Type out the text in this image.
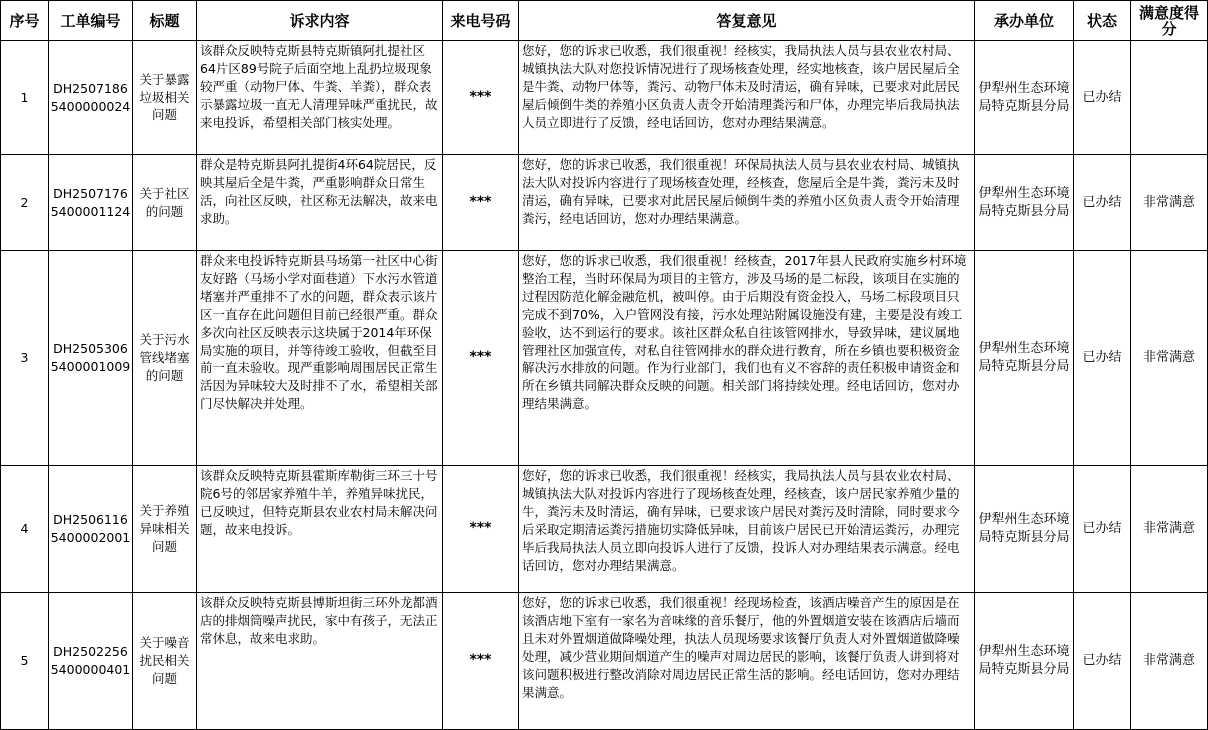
序号	工单编号	标题	诉求内容	来电号码	答复意见	承办单位	状态	满意度得分
1	DH25071865400000024	关于暴露垃圾相关问题	该群众反映特克斯县特克斯镇阿扎提社区64片区89号院子后面空地上乱扔垃圾现象较严重（动物尸体、牛粪、羊粪），群众表示暴露垃圾一直无人清理异味严重扰民，故来电投诉，希望相关部门核实处理。	***	您好，您的诉求已收悉，我们很重视！经核实，我局执法人员与县农业农村局、城镇执法大队对您投诉情况进行了现场核查处理，经实地核查，该户居民屋后全是牛粪、动物尸体等，粪污、动物尸体未及时清运，确有异味，已要求对此居民屋后倾倒牛类的养殖小区负责人责令开始清理粪污和尸体，办理完毕后我局执法人员立即进行了反馈，经电话回访，您对办理结果满意。	伊犁州生态环境局特克斯县分局	已办结	
2	DH25071765400001124	关于社区的问题	群众是特克斯县阿扎提街4环64院居民，反映其屋后全是牛粪，严重影响群众日常生活，向社区反映，社区称无法解决，故来电求助。	***	您好，您的诉求已收悉，我们很重视！环保局执法人员与县农业农村局、城镇执法大队对投诉内容进行了现场核查处理，经核查，您屋后全是牛粪，粪污未及时清运，确有异味，已要求对此居民屋后倾倒牛类的养殖小区负责人责令开始清理粪污，经电话回访，您对办理结果满意。	伊犁州生态环境局特克斯县分局	已办结	非常满意
3	DH25053065400001009	关于污水管线堵塞的问题	群众来电投诉特克斯县马场第一社区中心街友好路（马场小学对面巷道）下水污水管道堵塞并严重排不了水的问题，群众表示该片区一直存在此问题但目前已经很严重。群众多次向社区反映表示这块属于2014年环保局实施的项目，并等待竣工验收，但截至目前一直未验收。现严重影响周围居民正常生活因为异味较大及时排不了水，希望相关部门尽快解决并处理。	***	您好，您的诉求已收悉，我们很重视！经核查，2017年县人民政府实施乡村环境整治工程，当时环保局为项目的主管方，涉及马场的是二标段，该项目在实施的过程因防范化解金融危机，被叫停。由于后期没有资金投入，马场二标段项目只完成不到70%，入户管网没有接，污水处理站附属设施没有建，主要是没有竣工验收，达不到运行的要求。该社区群众私自往该管网排水，导致异味，建议属地管理社区加强宣传，对私自往管网排水的群众进行教育，所在乡镇也要积极资金解决污水排放的问题。作为行业部门，我们也有义不容辞的责任积极申请资金和所在乡镇共同解决群众反映的问题。相关部门将持续处理。经电话回访，您对办理结果满意。	伊犁州生态环境局特克斯县分局	已办结	非常满意
4	DH25061165400002001	关于养殖异味相关问题	该群众反映特克斯县霍斯库勒街三环三十号院6号的邻居家养殖牛羊，养殖异味扰民，已反映过，但特克斯县农业农村局未解决问题，故来电投诉。	***	您好，您的诉求已收悉，我们很重视！经核实，我局执法人员与县农业农村局、城镇执法大队对投诉内容进行了现场核查处理，经核查，该户居民家养殖少量的牛，粪污未及时清运，确有异味，已要求该户居民对粪污及时清除，同时要求今后采取定期清运粪污措施切实降低异味，目前该户居民已开始清运粪污，办理完毕后我局执法人员立即向投诉人进行了反馈，投诉人对办理结果表示满意。经电话回访，您对办理结果满意。	伊犁州生态环境局特克斯县分局	已办结	非常满意
5	DH25022565400000401	关于噪音扰民相关问题	该群众反映特克斯县博斯坦街三环外龙都酒店的排烟筒噪声扰民，家中有孩子，无法正常休息，故来电求助。	***	您好，您的诉求已收悉，我们很重视！经现场检查，该酒店噪音产生的原因是在该酒店地下室有一家名为音味缘的音乐餐厅，他的外置烟道安装在该酒店后墙而且未对外置烟道做降噪处理，执法人员现场要求该餐厅负责人对外置烟道做降噪处理，减少营业期间烟道产生的噪声对周边居民的影响，该餐厅负责人讲到将对该问题积极进行整改消除对周边居民正常生活的影响。经电话回访，您对办理结果满意。	伊犁州生态环境局特克斯县分局	已办结	非常满意
